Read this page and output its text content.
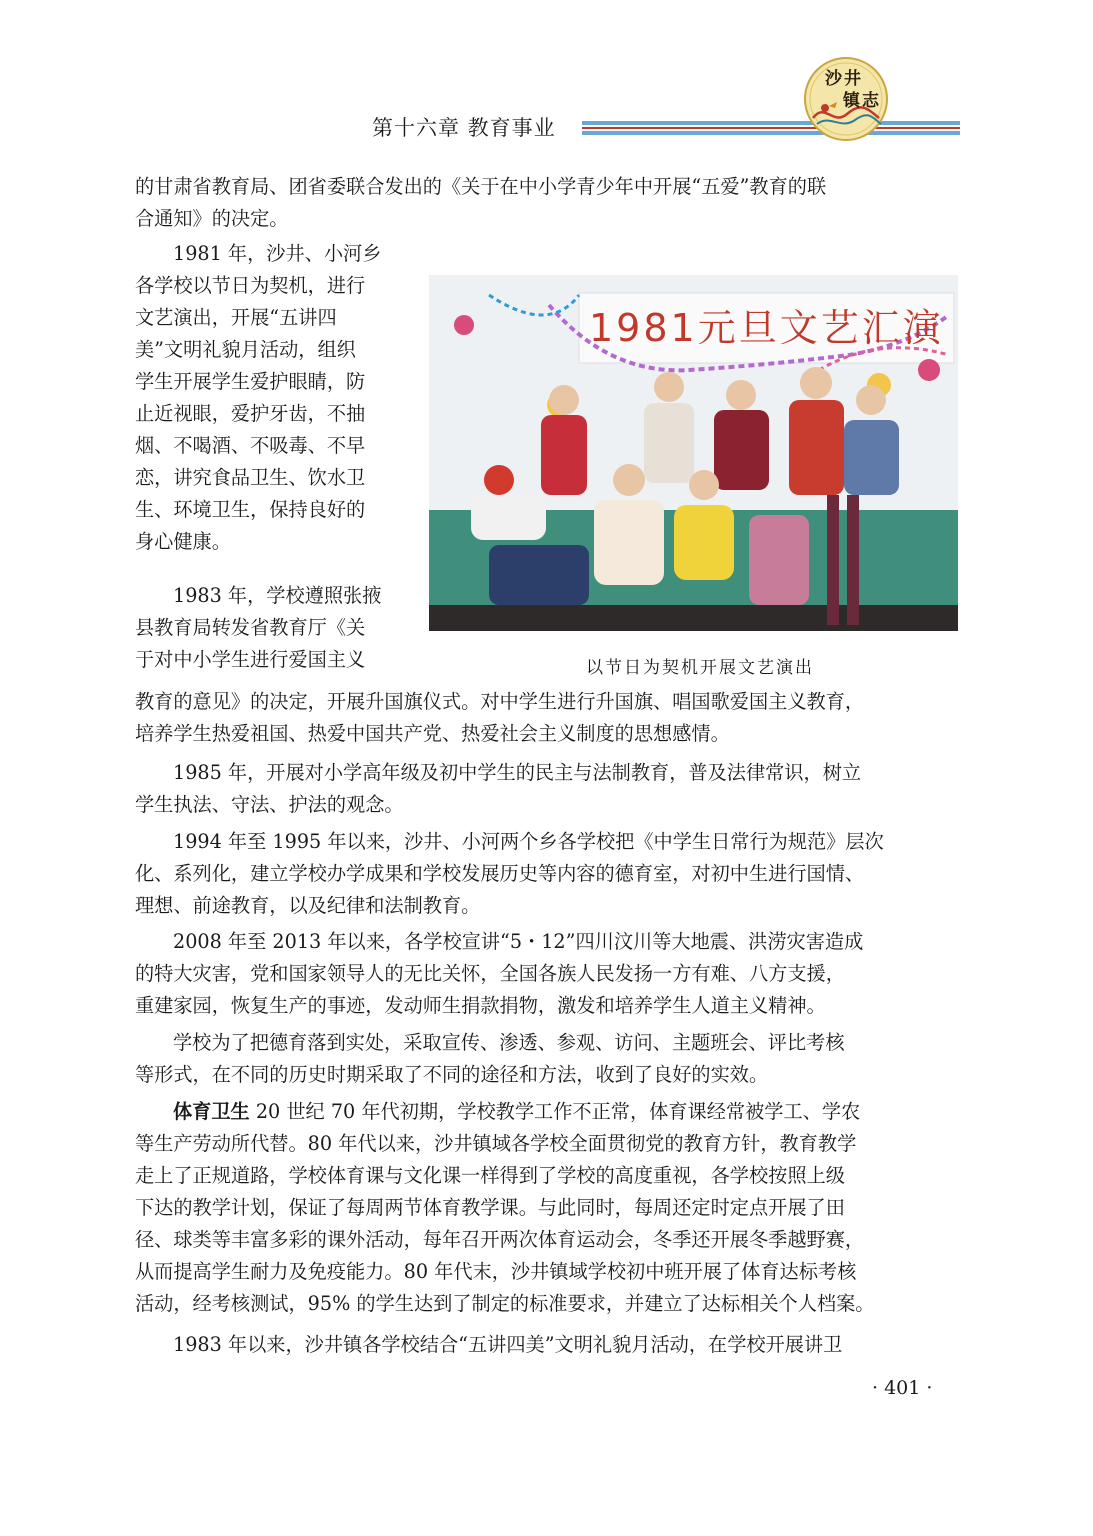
第十六章 教育事业
沙井
镇志
的甘肃省教育局、团省委联合发出的《关于在中小学青少年中开展“五爱”教育的联
合通知》的决定。
1981 年，沙井、小河乡
各学校以节日为契机，进行
文艺演出，开展“五讲四
美”文明礼貌月活动，组织
学生开展学生爱护眼睛，防
止近视眼，爱护牙齿，不抽
烟、不喝酒、不吸毒、不早
恋，讲究食品卫生、饮水卫
生、环境卫生，保持良好的
身心健康。
1983 年，学校遵照张掖
县教育局转发省教育厅《关
于对中小学生进行爱国主义
1981元旦文艺汇演
以节日为契机开展文艺演出
教育的意见》的决定，开展升国旗仪式。对中学生进行升国旗、唱国歌爱国主义教育，
培养学生热爱祖国、热爱中国共产党、热爱社会主义制度的思想感情。
1985 年，开展对小学高年级及初中学生的民主与法制教育，普及法律常识，树立
学生执法、守法、护法的观念。
1994 年至 1995 年以来，沙井、小河两个乡各学校把《中学生日常行为规范》层次
化、系列化，建立学校办学成果和学校发展历史等内容的德育室，对初中生进行国情、
理想、前途教育，以及纪律和法制教育。
2008 年至 2013 年以来，各学校宣讲“5・12”四川汶川等大地震、洪涝灾害造成
的特大灾害，党和国家领导人的无比关怀，全国各族人民发扬一方有难、八方支援，
重建家园，恢复生产的事迹，发动师生捐款捐物，激发和培养学生人道主义精神。
学校为了把德育落到实处，采取宣传、渗透、参观、访问、主题班会、评比考核
等形式，在不同的历史时期采取了不同的途径和方法，收到了良好的实效。
体育卫生 20 世纪 70 年代初期，学校教学工作不正常，体育课经常被学工、学农
等生产劳动所代替。80 年代以来，沙井镇域各学校全面贯彻党的教育方针，教育教学
走上了正规道路，学校体育课与文化课一样得到了学校的高度重视，各学校按照上级
下达的教学计划，保证了每周两节体育教学课。与此同时，每周还定时定点开展了田
径、球类等丰富多彩的课外活动，每年召开两次体育运动会，冬季还开展冬季越野赛，
从而提高学生耐力及免疫能力。80 年代末，沙井镇域学校初中班开展了体育达标考核
活动，经考核测试，95% 的学生达到了制定的标准要求，并建立了达标相关个人档案。
1983 年以来，沙井镇各学校结合“五讲四美”文明礼貌月活动，在学校开展讲卫
· 401 ·
